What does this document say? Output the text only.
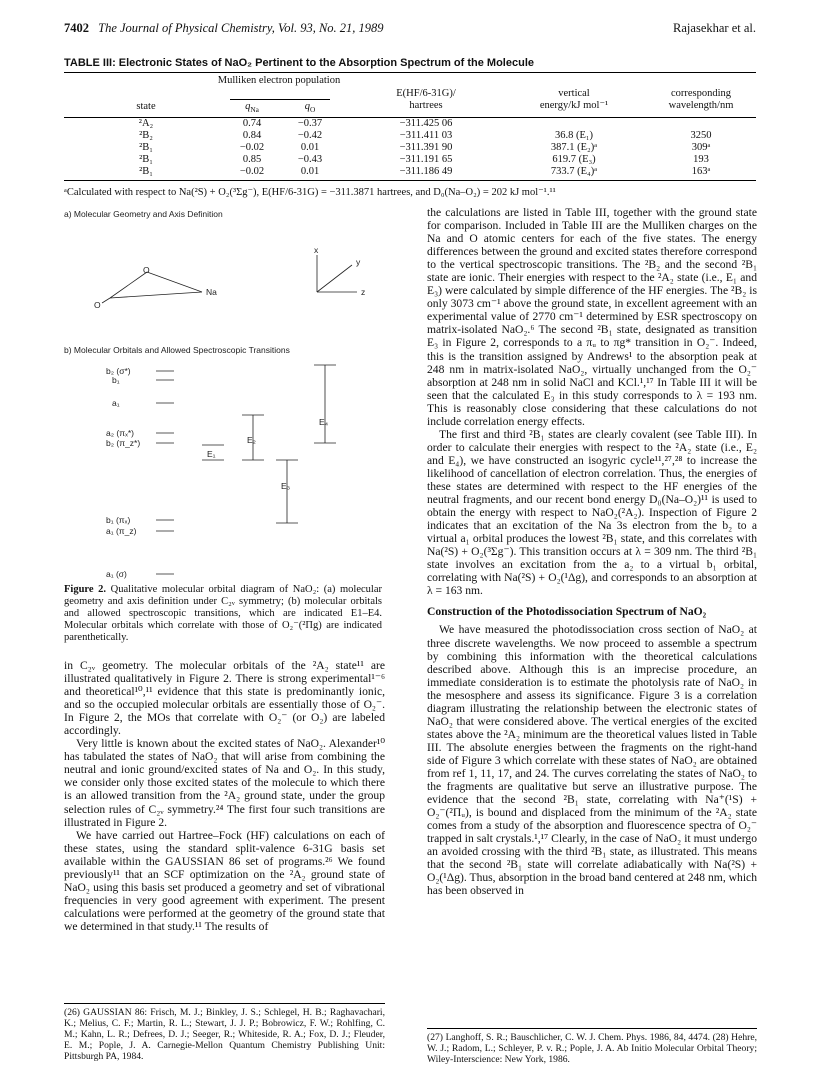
7402 The Journal of Physical Chemistry, Vol. 93, No. 21, 1989	Rajasekhar et al.
TABLE III: Electronic States of NaO₂ Pertinent to the Absorption Spectrum of the Molecule
Mulliken electron population
state	$q_{Na}$	$q_O$
E(HF/6-31G)/
hartrees
vertical
energy/kJ mol⁻¹
corresponding
wavelength/nm
²A₂	0.74	−0.37	−311.425 06
²B₂	0.84	−0.42	−311.411 03	36.8 (E₁)	3250
²B₁	−0.02	0.01	−311.391 90	387.1 (E₂)ᵃ	309ᵃ
²B₁	0.85	−0.43	−311.191 65	619.7 (E₃)	193
²B₁	−0.02	0.01	−311.186 49	733.7 (E₄)ᵃ	163ᵃ
ᵃCalculated with respect to Na(²S) + O₂(³Σg⁻), E(HF/6-31G) = −311.3871 hartrees, and D₀(Na–O₂) = 202 kJ mol⁻¹.¹¹
a) Molecular Geometry and Axis Definition
O
Na
O
x
y
z
b) Molecular Orbitals and Allowed Spectroscopic Transitions
b₂ (σ*)
b₁
a₁
a₂ (πₓ*)
b₂ (π_z*)
b₁ (πₓ)
a₁ (π_z)
a₁ (σ)
E₁
E₂
E₃
E₄
Figure 2. Qualitative molecular orbital diagram of NaO₂: (a) molecular geometry and axis definition under C₂ᵥ symmetry; (b) molecular orbitals and allowed spectroscopic transitions, which are indicated E1–E4. Molecular orbitals which correlate with those of O₂⁻(²Πg) are indicated parenthetically.

in C₂ᵥ geometry. The molecular orbitals of the ²A₂ state¹¹ are illustrated qualitatively in Figure 2. There is strong experimental¹⁻⁶ and theoretical¹⁰,¹¹ evidence that this state is predominantly ionic, and so the occupied molecular orbitals are essentially those of O₂⁻. In Figure 2, the MOs that correlate with O₂⁻ (or O₂) are labeled accordingly.

Very little is known about the excited states of NaO₂. Alexander¹⁰ has tabulated the states of NaO₂ that will arise from combining the neutral and ionic ground/excited states of Na and O₂. In this study, we consider only those excited states of the molecule to which there is an allowed transition from the ²A₂ ground state, under the group selection rules of C₂ᵥ symmetry.²⁴ The first four such transitions are illustrated in Figure 2.

We have carried out Hartree–Fock (HF) calculations on each of these states, using the standard split-valence 6-31G basis set available within the GAUSSIAN 86 set of programs.²⁶ We found previously¹¹ that an SCF optimization on the ²A₂ ground state of NaO₂ using this basis set produced a geometry and set of vibrational frequencies in very good agreement with experiment. The present calculations were performed at the geometry of the ground state that we determined in that study.¹¹ The results of

the calculations are listed in Table III, together with the ground state for comparison. Included in Table III are the Mulliken charges on the Na and O atomic centers for each of the five states. The energy differences between the ground and excited states therefore correspond to the vertical spectroscopic transitions. The ²B₂ and the second ²B₁ state are ionic. Their energies with respect to the ²A₂ state (i.e., E₁ and E₃) were calculated by simple difference of the HF energies. The ²B₂ is only 3073 cm⁻¹ above the ground state, in excellent agreement with an experimental value of 2770 cm⁻¹ determined by ESR spectroscopy on matrix-isolated NaO₂.⁶ The second ²B₁ state, designated as transition E₃ in Figure 2, corresponds to a πᵤ to πg* transition in O₂⁻. Indeed, this is the transition assigned by Andrews¹ to the absorption peak at 248 nm in matrix-isolated NaO₂, virtually unchanged from the O₂⁻ absorption at 248 nm in solid NaCl and KCl.¹,¹⁷ In Table III it will be seen that the calculated E₃ in this study corresponds to λ = 193 nm. This is reasonably close considering that these calculations do not include correlation energy effects.

The first and third ²B₁ states are clearly covalent (see Table III). In order to calculate their energies with respect to the ²A₂ state (i.e., E₂ and E₄), we have constructed an isogyric cycle¹¹,²⁷,²⁸ to increase the likelihood of cancellation of electron correlation. Thus, the energies of these states are determined with respect to the HF energies of the neutral fragments, and our recent bond energy D₀(Na–O₂)¹¹ is used to obtain the energy with respect to NaO₂(²A₂). Inspection of Figure 2 indicates that an excitation of the Na 3s electron from the b₂ to a virtual a₁ orbital produces the lowest ²B₁ state, and this correlates with Na(²S) + O₂(³Σg⁻). This transition occurs at λ = 309 nm. The third ²B₁ state involves an excitation from the a₂ to a virtual b₁ orbital, correlating with Na(²S) + O₂(¹Δg), and corresponds to an absorption at λ = 163 nm.

Construction of the Photodissociation Spectrum of NaO₂

We have measured the photodissociation cross section of NaO₂ at three discrete wavelengths. We now proceed to assemble a spectrum by combining this information with the theoretical calculations described above. Although this is an imprecise procedure, an immediate consideration is to estimate the photolysis rate of NaO₂ in the mesosphere and assess its significance. Figure 3 is a correlation diagram illustrating the relationship between the electronic states of NaO₂ that were considered above. The vertical energies of the excited states above the ²A₂ minimum are the theoretical values listed in Table III. The absolute energies between the fragments on the right-hand side of Figure 3 which correlate with these states of NaO₂ are obtained from ref 1, 11, 17, and 24. The curves correlating the states of NaO₂ to the fragments are qualitative but serve an illustrative purpose. The evidence that the second ²B₁ state, correlating with Na⁺(¹S) + O₂⁻(²Πᵤ), is bound and displaced from the minimum of the ²A₂ state comes from a study of the absorption and fluorescence spectra of O₂⁻ trapped in salt crystals.¹,¹⁷ Clearly, in the case of NaO₂ it must undergo an avoided crossing with the third ²B₁ state, as illustrated. This means that the second ²B₁ state will correlate adiabatically with Na(²S) + O₂(¹Δg). Thus, absorption in the broad band centered at 248 nm, which has been observed in

(26) GAUSSIAN 86: Frisch, M. J.; Binkley, J. S.; Schlegel, H. B.; Raghavachari, K.; Melius, C. F.; Martin, R. L.; Stewart, J. J. P.; Bobrowicz, F. W.; Rohlfing, C. M.; Kahn, L. R.; Defrees, D. J.; Seeger, R.; Whiteside, R. A.; Fox, D. J.; Fleuder, E. M.; Pople, J. A. Carnegie-Mellon Quantum Chemistry Publishing Unit: Pittsburgh PA, 1984.
(27) Langhoff, S. R.; Bauschlicher, C. W. J. Chem. Phys. 1986, 84, 4474. (28) Hehre, W. J.; Radom, L.; Schleyer, P. v. R.; Pople, J. A. Ab Initio Molecular Orbital Theory; Wiley-Interscience: New York, 1986.
